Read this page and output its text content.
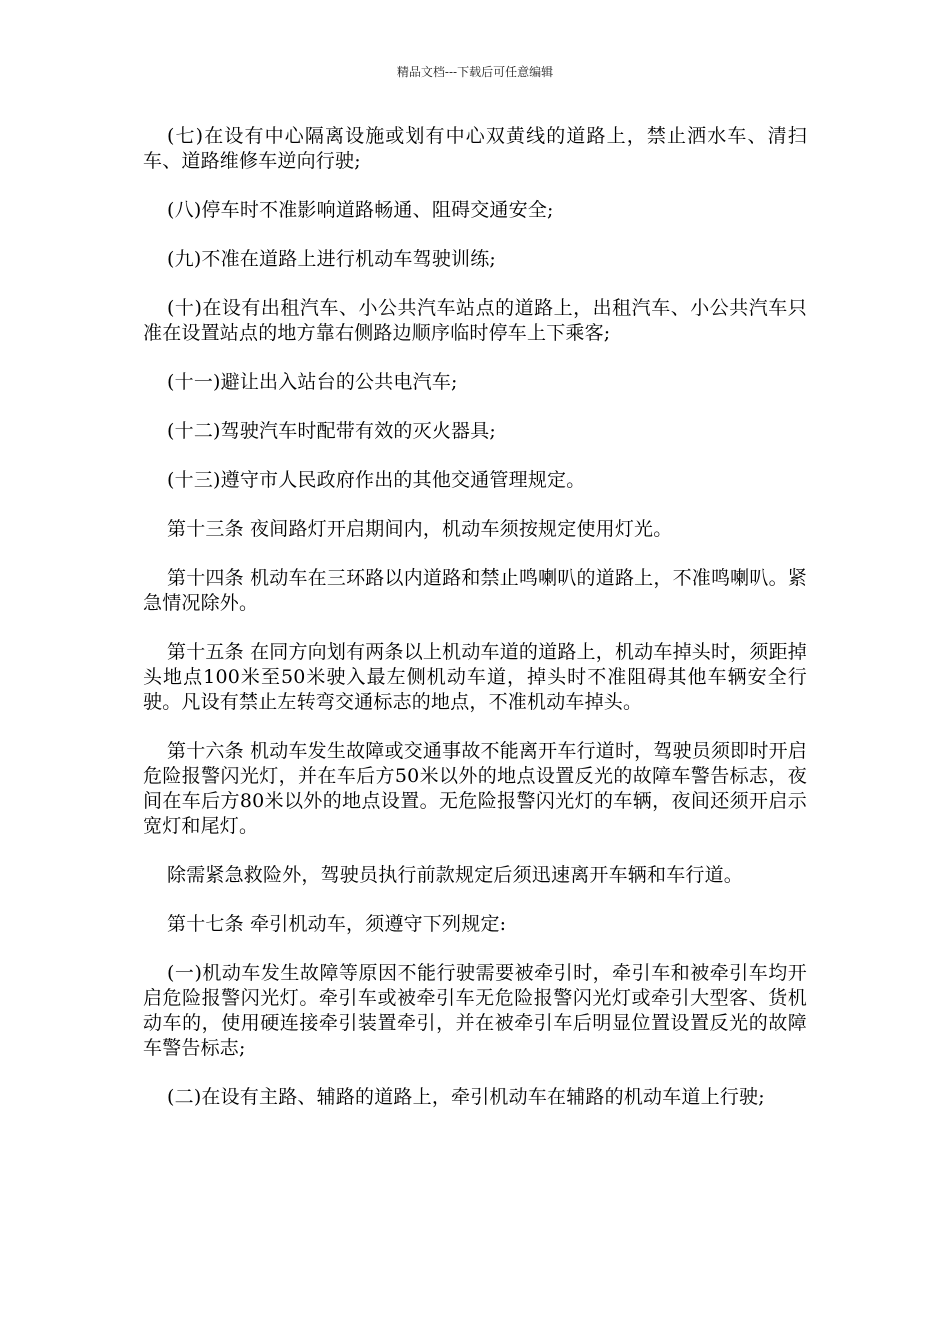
精品文档---下载后可任意编辑

(七)在设有中心隔离设施或划有中心双黄线的道路上，禁止洒水车、清扫车、道路维修车逆向行驶;

(八)停车时不准影响道路畅通、阻碍交通安全;

(九)不准在道路上进行机动车驾驶训练;

(十)在设有出租汽车、小公共汽车站点的道路上，出租汽车、小公共汽车只准在设置站点的地方靠右侧路边顺序临时停车上下乘客;

(十一)避让出入站台的公共电汽车;

(十二)驾驶汽车时配带有效的灭火器具;

(十三)遵守市人民政府作出的其他交通管理规定。

第十三条 夜间路灯开启期间内，机动车须按规定使用灯光。

第十四条 机动车在三环路以内道路和禁止鸣喇叭的道路上，不准鸣喇叭。紧急情况除外。

第十五条 在同方向划有两条以上机动车道的道路上，机动车掉头时，须距掉头地点100米至50米驶入最左侧机动车道，掉头时不准阻碍其他车辆安全行驶。凡设有禁止左转弯交通标志的地点，不准机动车掉头。

第十六条 机动车发生故障或交通事故不能离开车行道时，驾驶员须即时开启危险报警闪光灯，并在车后方50米以外的地点设置反光的故障车警告标志，夜间在车后方80米以外的地点设置。无危险报警闪光灯的车辆，夜间还须开启示宽灯和尾灯。

除需紧急救险外，驾驶员执行前款规定后须迅速离开车辆和车行道。

第十七条 牵引机动车，须遵守下列规定:

(一)机动车发生故障等原因不能行驶需要被牵引时，牵引车和被牵引车均开启危险报警闪光灯。牵引车或被牵引车无危险报警闪光灯或牵引大型客、货机动车的，使用硬连接牵引装置牵引，并在被牵引车后明显位置设置反光的故障车警告标志;

(二)在设有主路、辅路的道路上，牵引机动车在辅路的机动车道上行驶;
